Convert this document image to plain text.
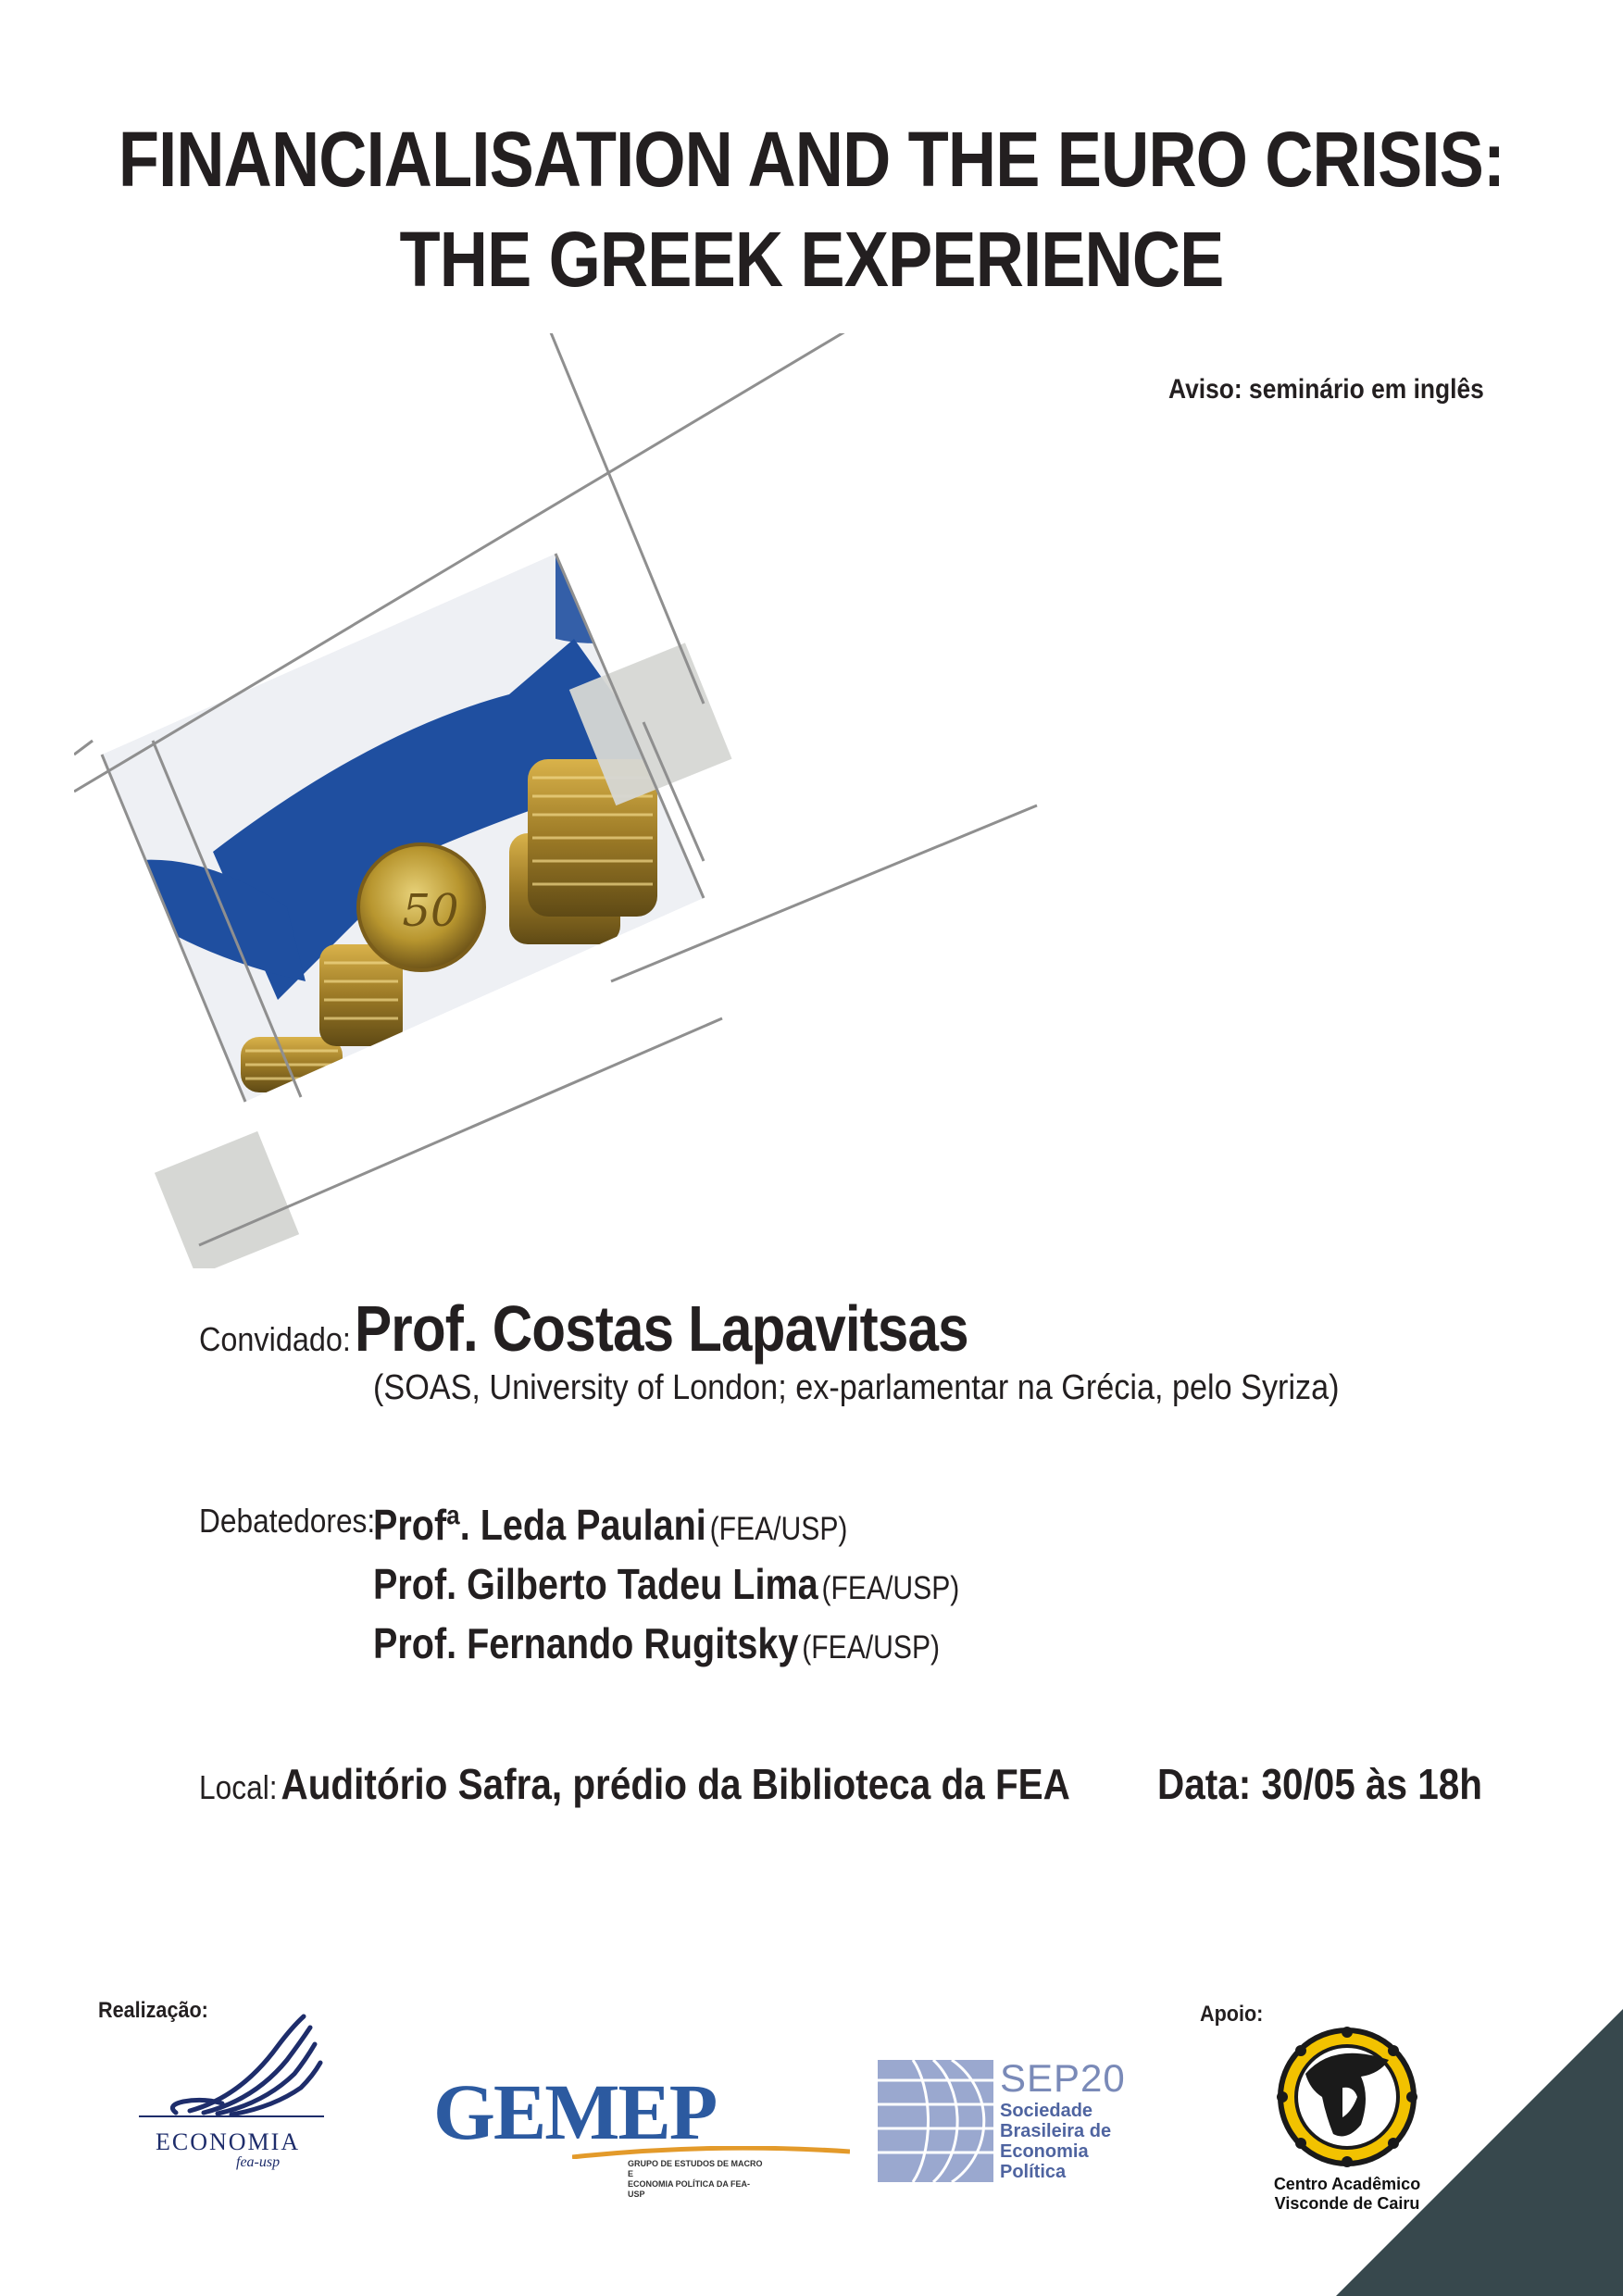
FINANCIALISATION AND THE EURO CRISIS:
THE GREEK EXPERIENCE
Aviso: seminário em inglês
50
Convidado:Prof. Costas Lapavitsas
(SOAS, University of London; ex-parlamentar na Grécia, pelo Syriza)
Debatedores:
Profª. Leda Paulani (FEA/USP)
Prof. Gilberto Tadeu Lima (FEA/USP)
Prof. Fernando Rugitsky (FEA/USP)
Local: Auditório Safra, prédio da Biblioteca da FEA Data: 30/05 às 18h
Realização:	Apoio:
ECONOMIA
fea-usp
GEMEP
GRUPO DE ESTUDOS DE MACRO E
ECONOMIA POLÍTICA DA FEA-USP
SEP20
Sociedade
Brasileira de
Economia
Política
Centro Acadêmico
Visconde de Cairu
